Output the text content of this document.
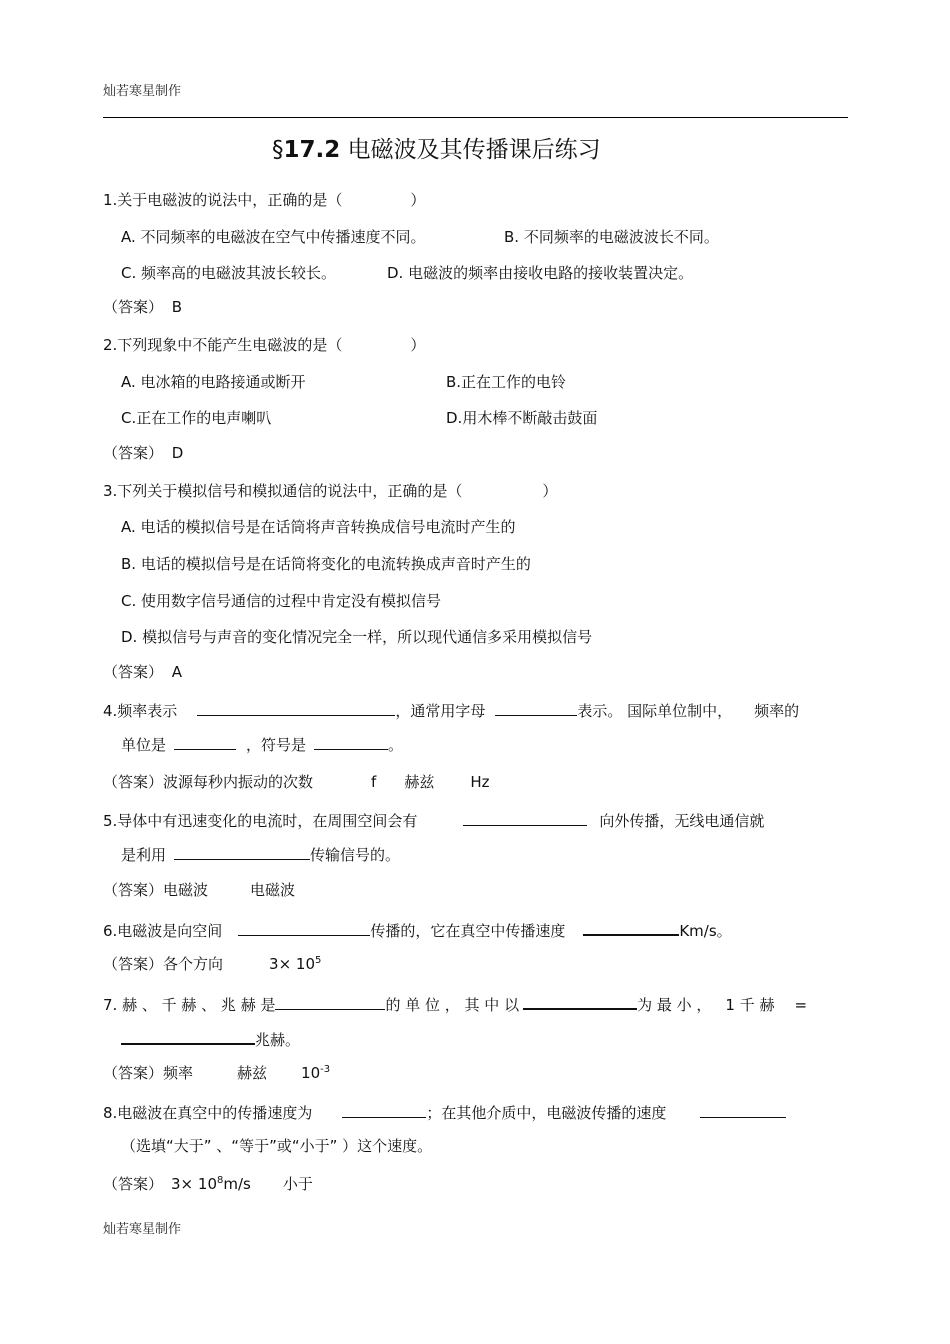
灿若寒星制作
§17.2 电磁波及其传播课后练习
1.关于电磁波的说法中，正确的是（	）
A. 不同频率的电磁波在空气中传播速度不同。	B. 不同频率的电磁波波长不同。
C. 频率高的电磁波其波长较长。	D. 电磁波的频率由接收电路的接收装置决定。
（答案） B
2.下列现象中不能产生电磁波的是（	）
A. 电冰箱的电路接通或断开	B.正在工作的电铃
C.正在工作的电声喇叭	D.用木棒不断敲击鼓面
（答案） D
3.下列关于模拟信号和模拟通信的说法中，正确的是（	）
A. 电话的模拟信号是在话筒将声音转换成信号电流时产生的
B. 电话的模拟信号是在话筒将变化的电流转换成声音时产生的
C. 使用数字信号通信的过程中肯定没有模拟信号
D. 模拟信号与声音的变化情况完全一样，所以现代通信多采用模拟信号
（答案） A
4.频率表示	，通常用字母	表示。 国际单位制中， 频率的
单位是	，符号是	。
（答案）波源每秒内振动的次数	f 赫兹 Hz
5.导体中有迅速变化的电流时，在周围空间会有	向外传播，无线电通信就
是利用	传输信号的。
（答案）电磁波	电磁波
6.电磁波是向空间	传播的，它在真空中传播速度	Km/s。
（答案）各个方向	$3\times 10^5$
7. 赫 、 千 赫 、 兆 赫 是	的 单 位 ， 其 中 以	为 最 小 ， 1 千 赫 =
兆赫。
（答案）频率	赫兹 $10^{-3}$
8.电磁波在真空中的传播速度为	；在其他介质中，电磁波传播的速度
（选填“大于” 、“等于”或“小于” ）这个速度。
（答案） $3\times 10^8m/s$ 小于
灿若寒星制作
